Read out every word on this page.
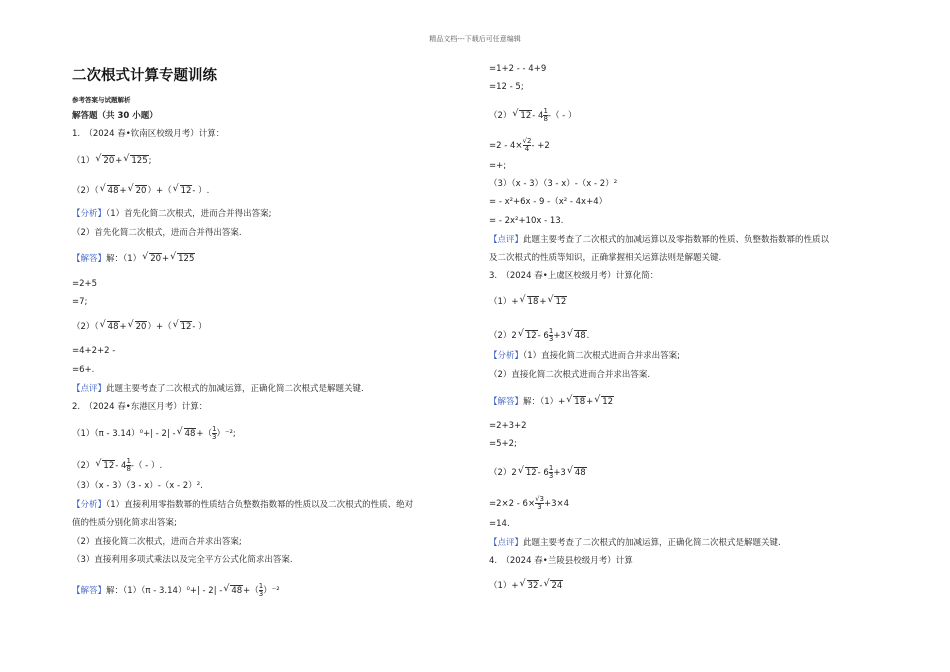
精品文档---下载后可任意编辑
二次根式计算专题训练
参考答案与试题解析
解答题（共 30 小题）
1.　（2024 春•钦南区校级月考）计算：
（1）√ 20+√ 125;
（2）（√ 48+√ 20）+（√ 12- ）.
【分析】（1）首先化简二次根式，进而合并得出答案;
（2）首先化简二次根式，进而合并得出答案.
【解答】解：（1）√ 20+√ 125
=2+5
=7;
（2）（√ 48+√ 20）+（√ 12- ）
=4+2+2 -
=6+.
【点评】此题主要考查了二次根式的加减运算，正确化简二次根式是解题关键.
2.　（2024 春•东港区月考）计算：
（1）（π - 3.14）⁰+| - 2| -√ $48+( \frac{1}{3} )^{-2}$;
（2）√ 12- $4 \frac{1}{8}$ -（ - ）.
（3）（x - 3）（3 - x）-（x - 2）².
【分析】（1）直接利用零指数幂的性质结合负整数指数幂的性质以及二次根式的性质、绝对
值的性质分别化简求出答案;
（2）直接化简二次根式，进而合并求出答案;
（3）直接利用多项式乘法以及完全平方公式化简求出答案.
【解答】解：（1）（π - 3.14）⁰+| - 2| -√ $48+( \frac{1}{3} )^{-2}$
=1+2 - - 4+9
=12 - 5;
（2）√ 12- $4 \frac{1}{8}$ -（ - ）
$=2 - 4\times \frac{√2}{4} - +2$
=+;
（3）（x - 3）（3 - x）-（x - 2）²
= - x²+6x - 9 -（x² - 4x+4）
= - 2x²+10x - 13.
【点评】此题主要考查了二次根式的加减运算以及零指数幂的性质、负整数指数幂的性质以
及二次根式的性质等知识，正确掌握相关运算法则是解题关键.
3.　（2024 春•上虞区校级月考）计算化简：
（1）+√ 18+√ 12
（2）2√ 12- $6 \frac{1}{3} +3√$ 48.
【分析】（1）直接化简二次根式进而合并求出答案;
（2）直接化简二次根式进而合并求出答案.
【解答】解：（1）+√ 18+√ 12
=2+3+2
=5+2;
（2）2√ 12- $6 \frac{1}{3} +3√$ 48
$=2\times 2 - 6\times \frac{√3}{3} +3\times 4$
=14.
【点评】此题主要考查了二次根式的加减运算，正确化简二次根式是解题关键.
4.　（2024 春•兰陵县校级月考）计算
（1）+√ 32-√ 24
